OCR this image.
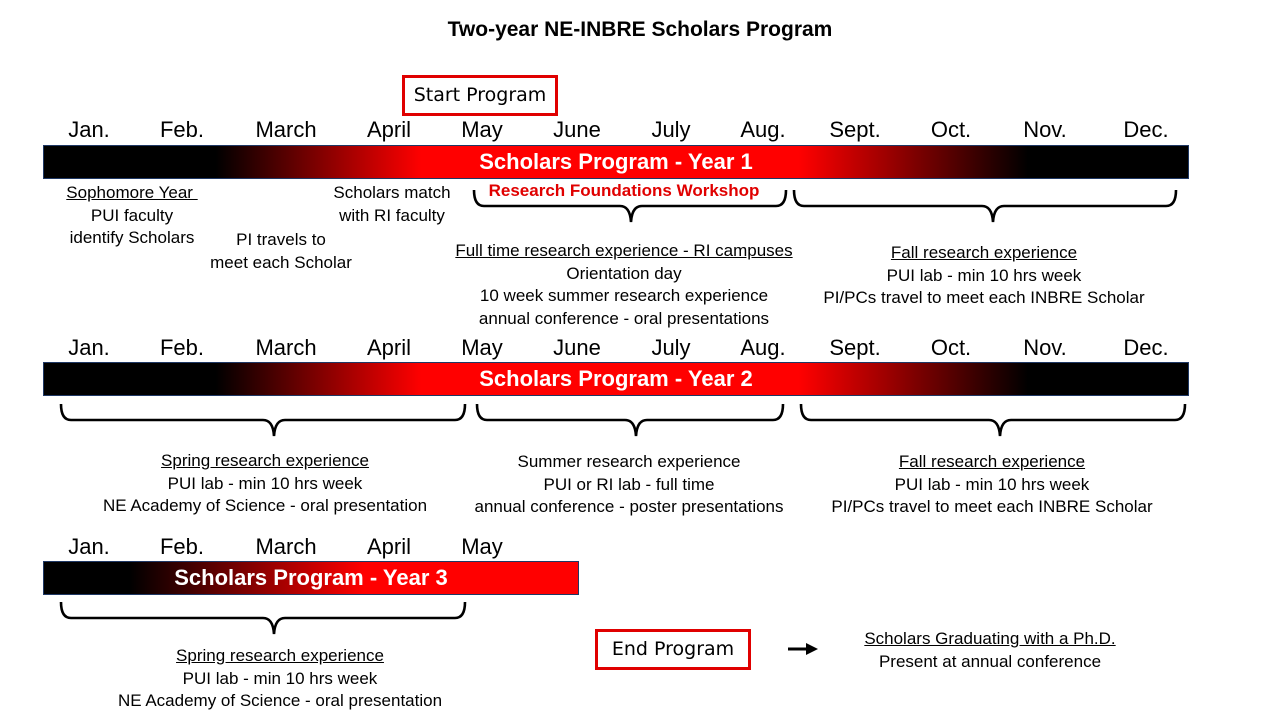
Two-year NE-INBRE Scholars Program
Start Program
Jan.	Feb.	March	April	May	June	July	Aug.	Sept.	Oct.	Nov.	Dec.
Scholars Program - Year 1
Sophomore Year
PUI faculty
identify Scholars	PI travels to
meet each Scholar
Scholars match
with RI faculty
Research Foundations Workshop
Full time research experience - RI campuses
Orientation day
10 week summer research experience
annual conference - oral presentations
Fall research experience
PUI lab - min 10 hrs week
PI/PCs travel to meet each INBRE Scholar
Jan.	Feb.	March	April	May	June	July	Aug.	Sept.	Oct.	Nov.	Dec.
Scholars Program - Year 2
Spring research experience
PUI lab - min 10 hrs week
NE Academy of Science - oral presentation
Summer research experience
PUI or RI lab - full time
annual conference - poster presentations
Fall research experience
PUI lab - min 10 hrs week
PI/PCs travel to meet each INBRE Scholar
Jan.	Feb.	March	April	May
Scholars Program - Year 3
Spring research experience
PUI lab - min 10 hrs week
NE Academy of Science - oral presentation
End Program	Scholars Graduating with a Ph.D.
Present at annual conference
